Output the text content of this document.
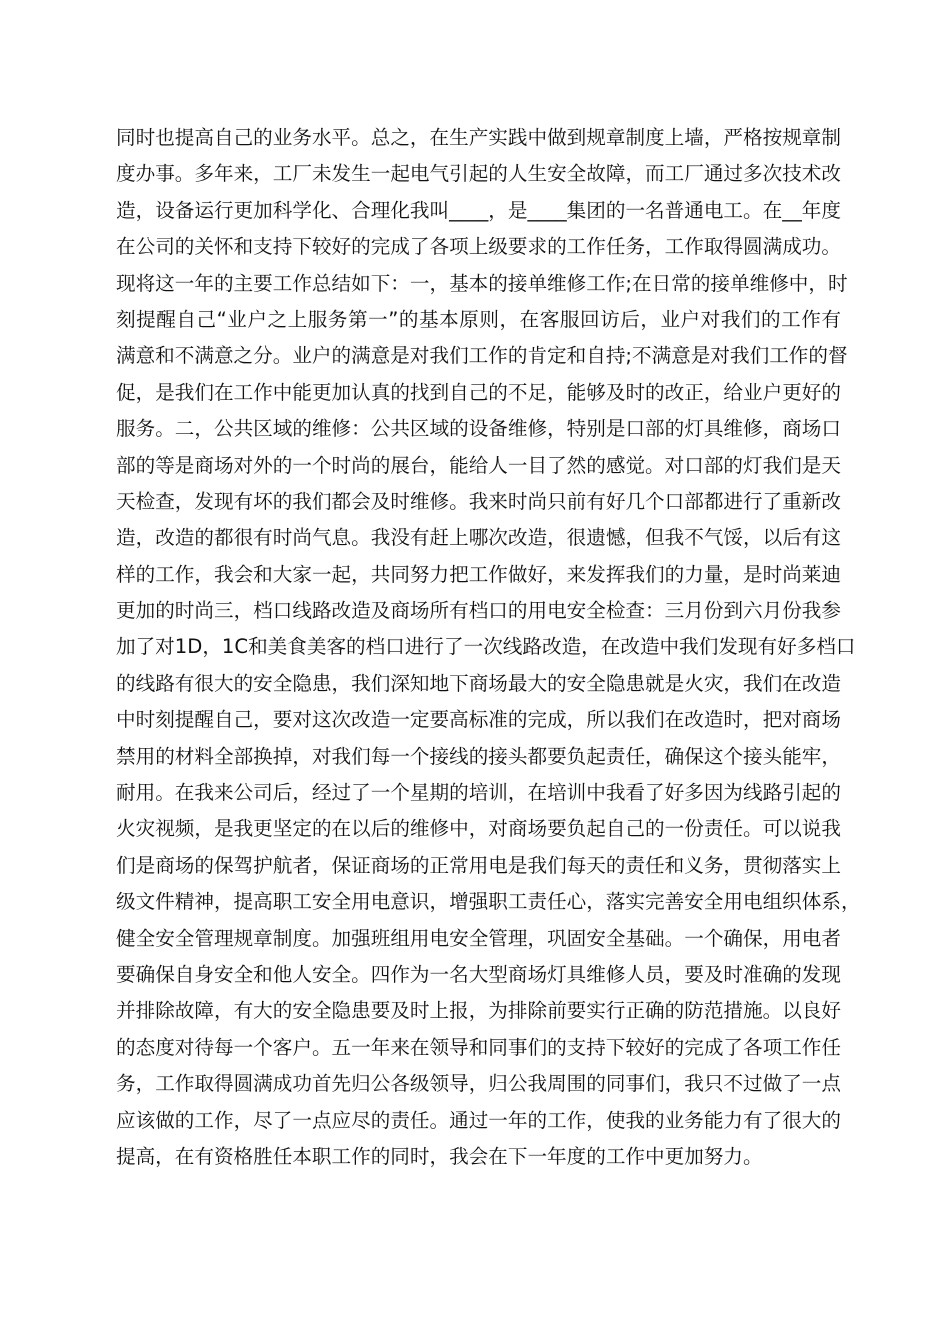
同时也提高自己的业务水平。总之，在生产实践中做到规章制度上墙，严格按规章制
度办事。多年来，工厂未发生一起电气引起的人生安全故障，而工厂通过多次技术改
造，设备运行更加科学化、合理化我叫____，是____集团的一名普通电工。在__年度
在公司的关怀和支持下较好的完成了各项上级要求的工作任务，工作取得圆满成功。
现将这一年的主要工作总结如下：一，基本的接单维修工作;在日常的接单维修中，时
刻提醒自己“业户之上服务第一”的基本原则，在客服回访后，业户对我们的工作有
满意和不满意之分。业户的满意是对我们工作的肯定和自持;不满意是对我们工作的督
促，是我们在工作中能更加认真的找到自己的不足，能够及时的改正，给业户更好的
服务。二，公共区域的维修：公共区域的设备维修，特别是口部的灯具维修，商场口
部的等是商场对外的一个时尚的展台，能给人一目了然的感觉。对口部的灯我们是天
天检查，发现有坏的我们都会及时维修。我来时尚只前有好几个口部都进行了重新改
造，改造的都很有时尚气息。我没有赶上哪次改造，很遗憾，但我不气馁，以后有这
样的工作，我会和大家一起，共同努力把工作做好，来发挥我们的力量，是时尚莱迪
更加的时尚三，档口线路改造及商场所有档口的用电安全检查：三月份到六月份我参
加了对1D，1C和美食美客的档口进行了一次线路改造，在改造中我们发现有好多档口
的线路有很大的安全隐患，我们深知地下商场最大的安全隐患就是火灾，我们在改造
中时刻提醒自己，要对这次改造一定要高标准的完成，所以我们在改造时，把对商场
禁用的材料全部换掉，对我们每一个接线的接头都要负起责任，确保这个接头能牢，
耐用。在我来公司后，经过了一个星期的培训，在培训中我看了好多因为线路引起的
火灾视频，是我更坚定的在以后的维修中，对商场要负起自己的一份责任。可以说我
们是商场的保驾护航者，保证商场的正常用电是我们每天的责任和义务，贯彻落实上
级文件精神，提高职工安全用电意识，增强职工责任心，落实完善安全用电组织体系，
健全安全管理规章制度。加强班组用电安全管理，巩固安全基础。一个确保，用电者
要确保自身安全和他人安全。四作为一名大型商场灯具维修人员，要及时准确的发现
并排除故障，有大的安全隐患要及时上报，为排除前要实行正确的防范措施。以良好
的态度对待每一个客户。五一年来在领导和同事们的支持下较好的完成了各项工作任
务，工作取得圆满成功首先归公各级领导，归公我周围的同事们，我只不过做了一点
应该做的工作，尽了一点应尽的责任。通过一年的工作，使我的业务能力有了很大的
提高，在有资格胜任本职工作的同时，我会在下一年度的工作中更加努力。
